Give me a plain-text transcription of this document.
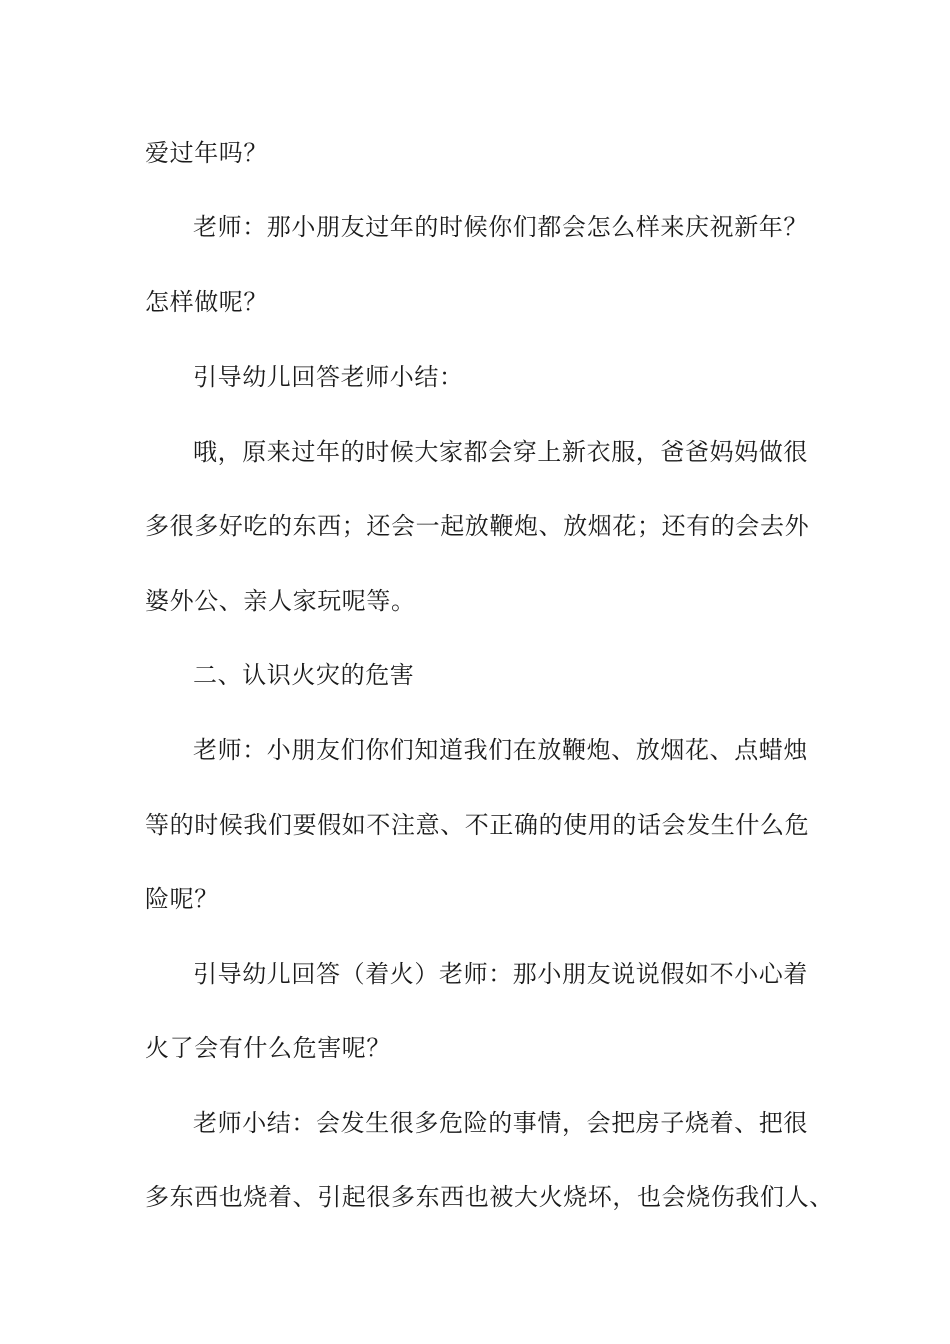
爱过年吗？
老师：那小朋友过年的时候你们都会怎么样来庆祝新年？
怎样做呢？
引导幼儿回答老师小结：
哦，原来过年的时候大家都会穿上新衣服，爸爸妈妈做很
多很多好吃的东西；还会一起放鞭炮、放烟花；还有的会去外
婆外公、亲人家玩呢等。
二、认识火灾的危害
老师：小朋友们你们知道我们在放鞭炮、放烟花、点蜡烛
等的时候我们要假如不注意、不正确的使用的话会发生什么危
险呢？
引导幼儿回答（着火）老师：那小朋友说说假如不小心着
火了会有什么危害呢？
老师小结：会发生很多危险的事情，会把房子烧着、把很
多东西也烧着、引起很多东西也被大火烧坏，也会烧伤我们人、
